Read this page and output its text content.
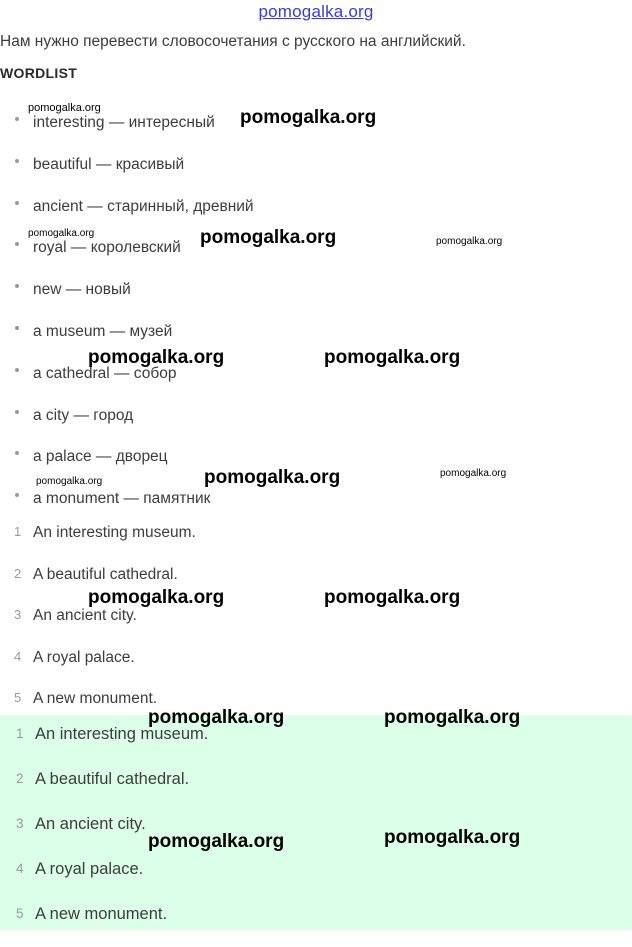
pomogalka.org
Нам нужно перевести словосочетания с русского на английский.
WORDLIST
interesting — интересный
beautiful — красивый
ancient — старинный, древний
royal — королевский
new — новый
a museum — музей
a cathedral — собор
a city — город
a palace — дворец
a monument — памятник
1 An interesting museum.
2 A beautiful cathedral.
3 An ancient city.
4 A royal palace.
5 A new monument.
1 An interesting museum.
2 A beautiful cathedral.
3 An ancient city.
4 A royal palace.
5 A new monument.
pomogalka.org	pomogalka.org
pomogalka.org	pomogalka.org	pomogalka.org
pomogalka.org	pomogalka.org
pomogalka.org	pomogalka.org
pomogalka.org
pomogalka.org	pomogalka.org
pomogalka.org	pomogalka.org
pomogalka.org	pomogalka.org
